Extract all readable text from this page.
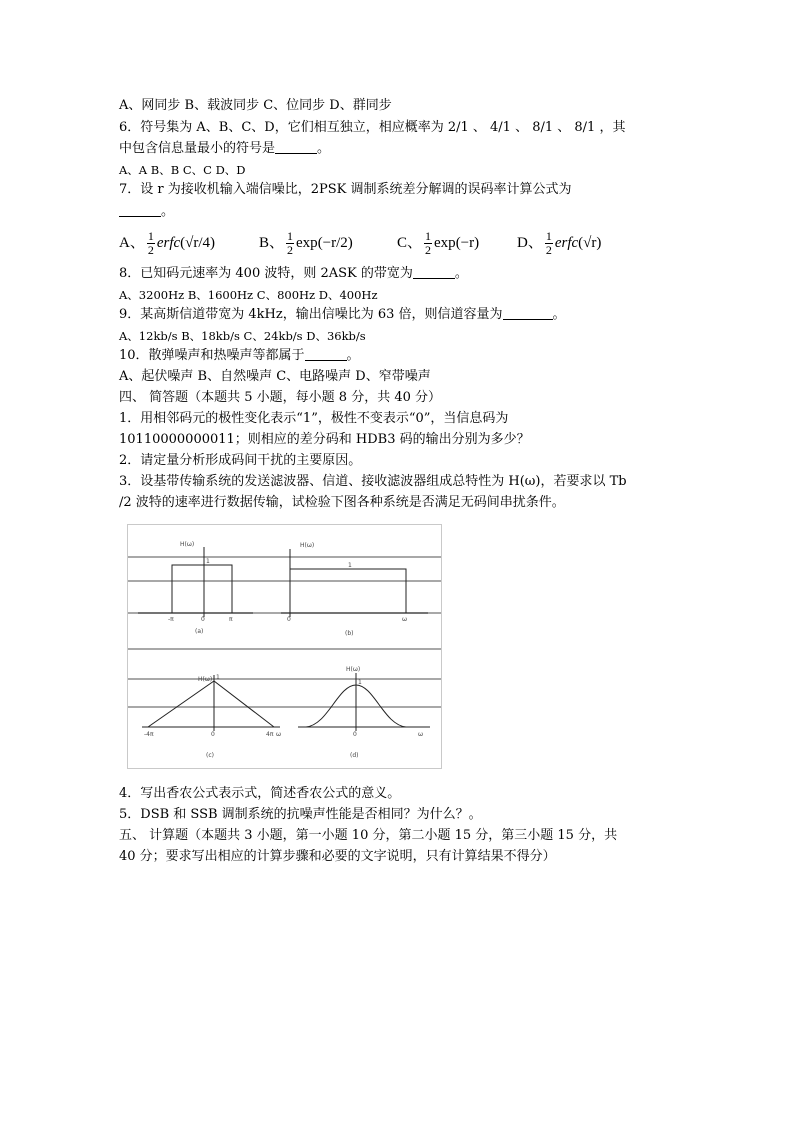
A、网同步 B、载波同步 C、位同步 D、群同步
6．符号集为 A、B、C、D，它们相互独立，相应概率为 2/1 、 4/1 、 8/1 、 8/1 ，其
中包含信息量最小的符号是	。
A、A B、B C、C D、D
7．设 r 为接收机输入端信噪比，2PSK 调制系统差分解调的误码率计算公式为
。
A、 $\frac{1}{2}$ erfc(√r/4)	B、 $\frac{1}{2} \exp(-r/2)$	C、 $\frac{1}{2} \exp(-r)$	D、 $\frac{1}{2}$ erfc(√r)
8．已知码元速率为 400 波特，则 2ASK 的带宽为	。
A、3200Hz B、1600Hz C、800Hz D、400Hz
9．某高斯信道带宽为 4kHz，输出信噪比为 63 倍，则信道容量为	。
A、12kb/s B、18kb/s C、24kb/s D、36kb/s
10．散弹噪声和热噪声等都属于	。
A、起伏噪声 B、自然噪声 C、电路噪声 D、窄带噪声
四、 简答题（本题共 5 小题，每小题 8 分，共 40 分）
1．用相邻码元的极性变化表示“1”，极性不变表示“0”，当信息码为
10110000000011；则相应的差分码和 HDB3 码的输出分别为多少？
2．请定量分析形成码间干扰的主要原因。
3．设基带传输系统的发送滤波器、信道、接收滤波器组成总特性为 H(ω)，若要求以 Tb
/2 波特的速率进行数据传输，试检验下图各种系统是否满足无码间串扰条件。
H(ω)
1
-π	0	π
(a)
H(ω)
1
0	ω
(b)
H(ω) 1
-4π	0	4π ω
(c)
H(ω)
1
0	ω
(d)
4．写出香农公式表示式，简述香农公式的意义。
5．DSB 和 SSB 调制系统的抗噪声性能是否相同？为什么？。
五、 计算题（本题共 3 小题，第一小题 10 分，第二小题 15 分，第三小题 15 分，共
40 分；要求写出相应的计算步骤和必要的文字说明，只有计算结果不得分）
